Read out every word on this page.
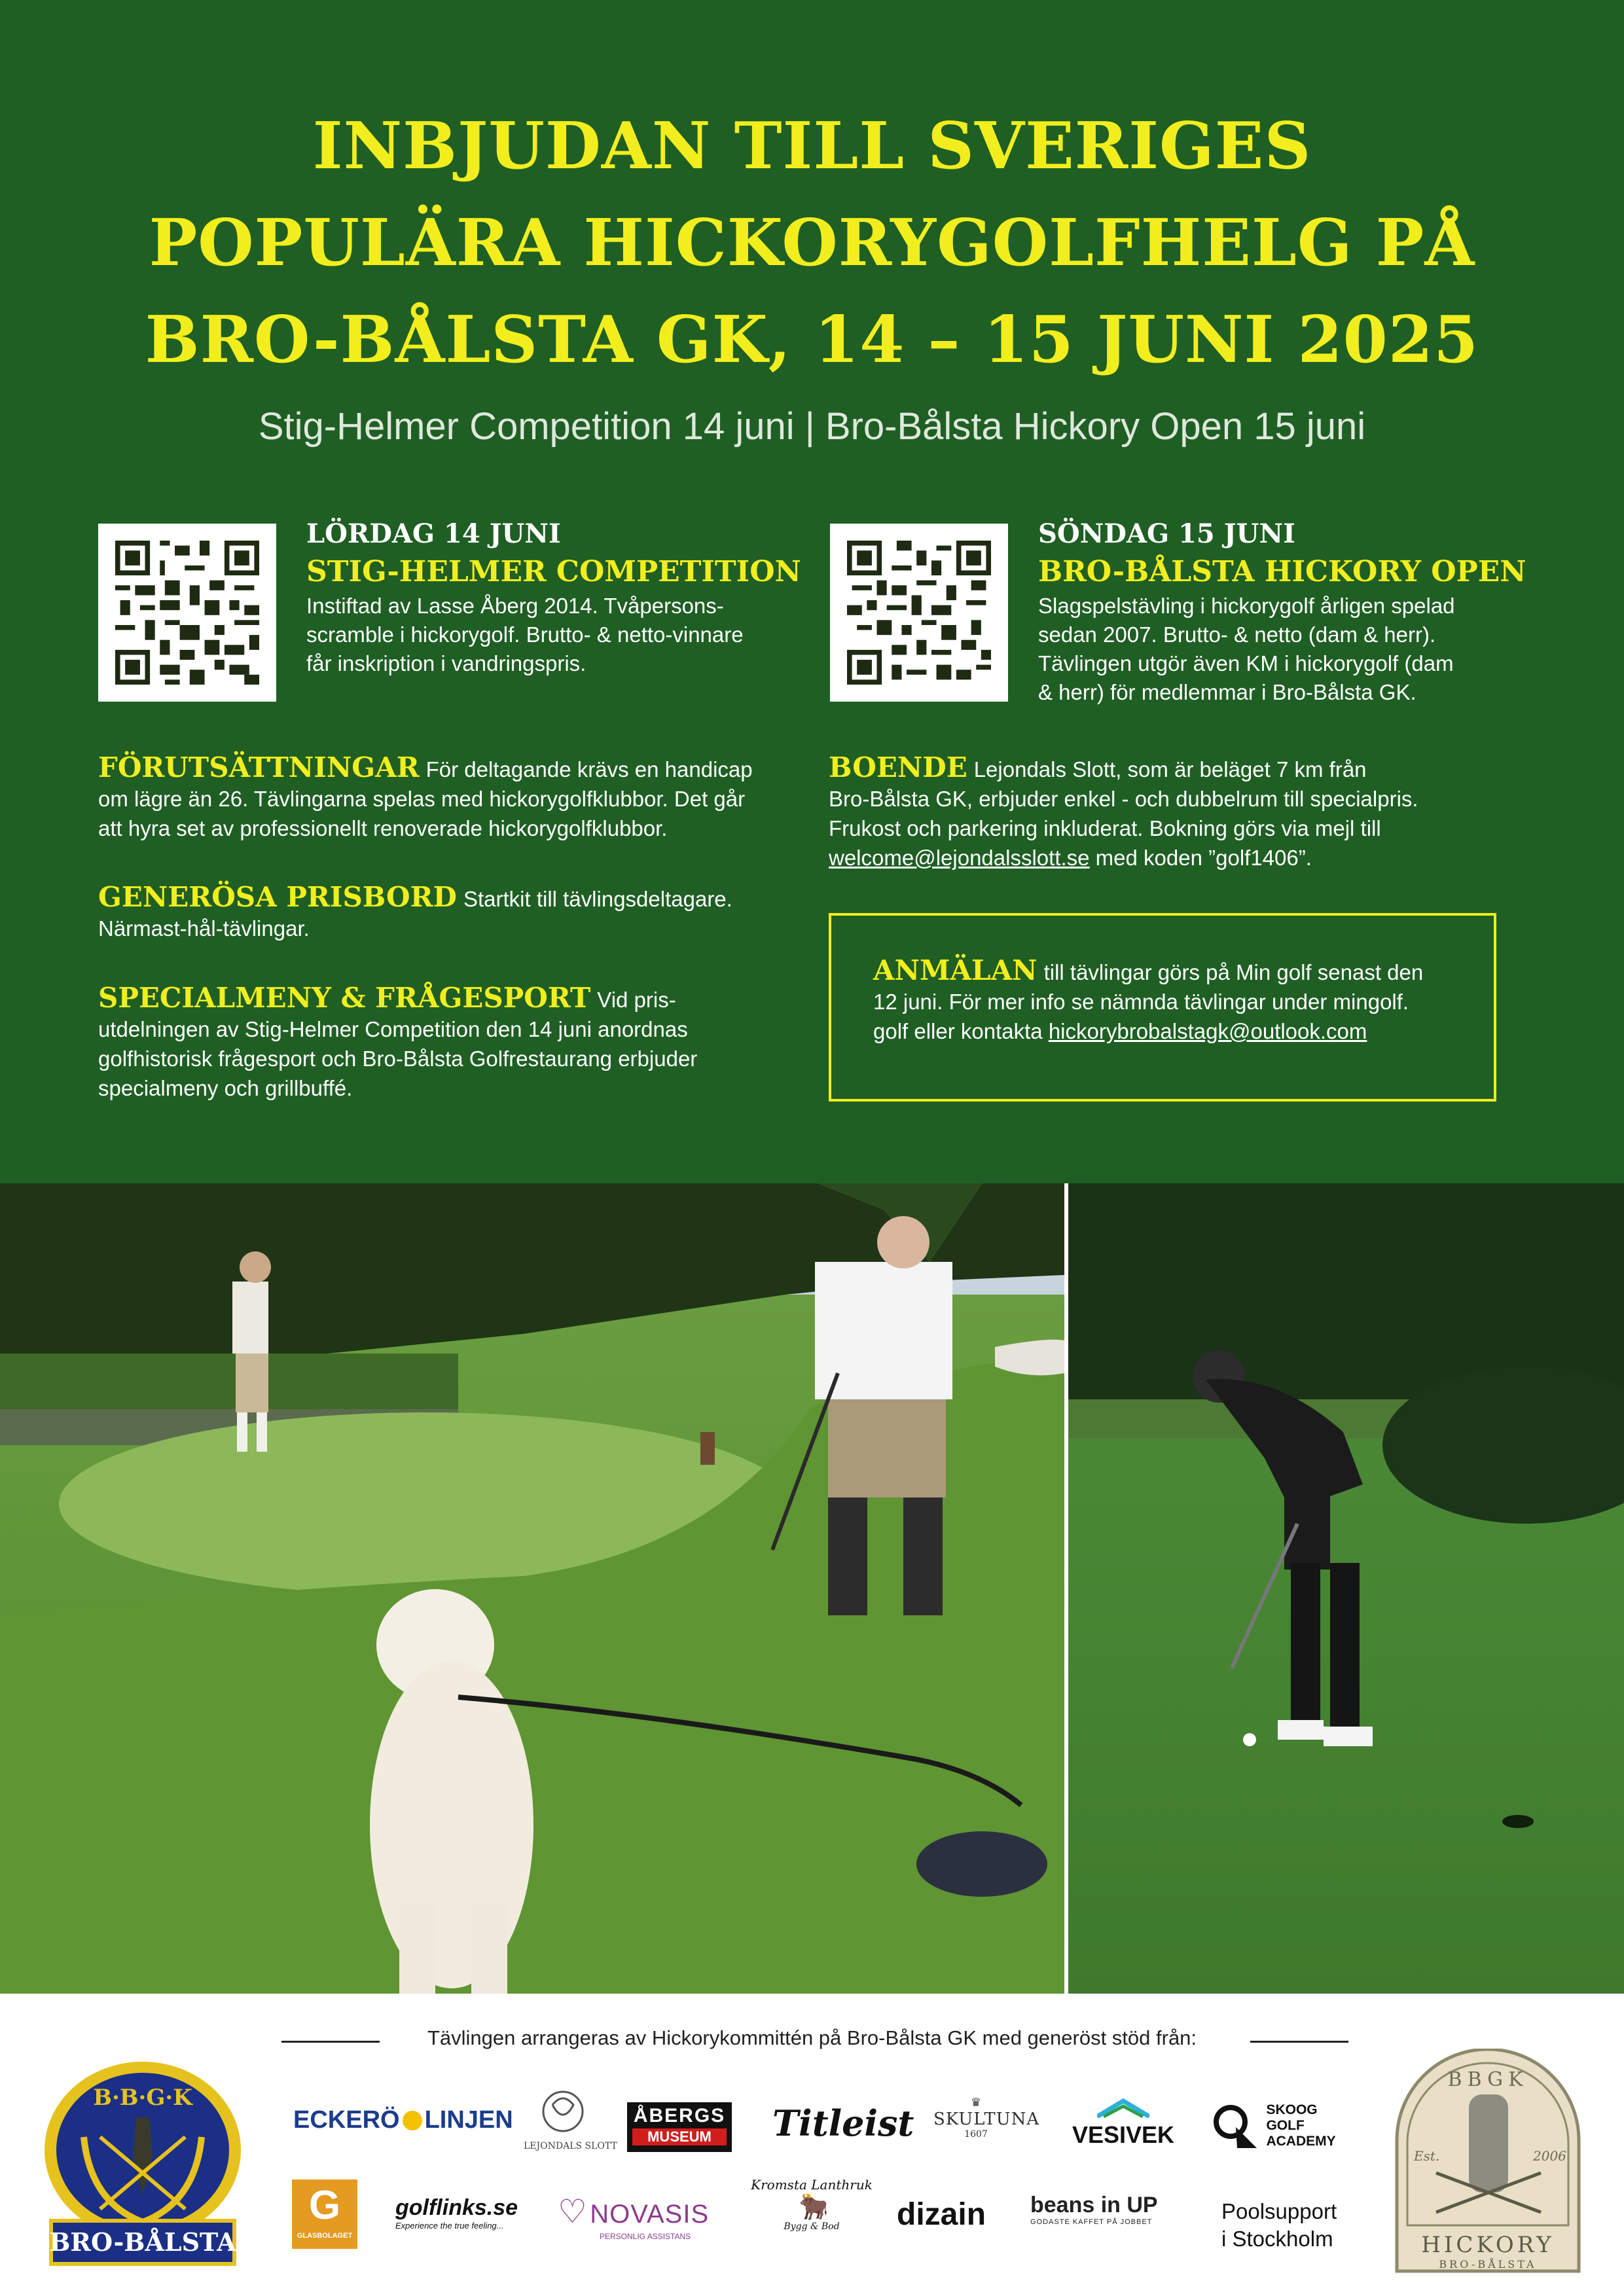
INBJUDAN TILL SVERIGES
POPULÄRA HICKORYGOLFHELG PÅ
BRO-BÅLSTA GK, 14 – 15 JUNI 2025
Stig-Helmer Competition 14 juni | Bro-Bålsta Hickory Open 15 juni
LÖRDAG 14 JUNI
STIG-HELMER COMPETITION
Instiftad av Lasse Åberg 2014. Tvåpersons-
scramble i hickorygolf. Brutto- & netto-vinnare
får inskription i vandringspris.
SÖNDAG 15 JUNI
BRO-BÅLSTA HICKORY OPEN
Slagspelstävling i hickorygolf årligen spelad
sedan 2007. Brutto- & netto (dam & herr).
Tävlingen utgör även KM i hickorygolf (dam
& herr) för medlemmar i Bro-Bålsta GK.
FÖRUTSÄTTNINGAR För deltagande krävs en handicap
om lägre än 26. Tävlingarna spelas med hickorygolfklubbor. Det går
att hyra set av professionellt renoverade hickorygolfklubbor.
GENERÖSA PRISBORD Startkit till tävlingsdeltagare.
Närmast-hål-tävlingar.
SPECIALMENY & FRÅGESPORT Vid pris-
utdelningen av Stig-Helmer Competition den 14 juni anordnas
golfhistorisk frågesport och Bro-Bålsta Golfrestaurang erbjuder
specialmeny och grillbuffé.
BOENDE Lejondals Slott, som är beläget 7 km från
Bro-Bålsta GK, erbjuder enkel - och dubbelrum till specialpris.
Frukost och parkering inkluderat. Bokning görs via mejl till
welcome@lejondalsslott.se med koden ”golf1406”.
ANMÄLAN till tävlingar görs på Min golf senast den
12 juni. För mer info se nämnda tävlingar under mingolf.
golf eller kontakta hickorybrobalstagk@outlook.com
Tävlingen arrangeras av Hickorykommittén på Bro-Bålsta GK med generöst stöd från:
B·B·G·K
BRO-BÅLSTA
BBGK
Est.	2006
HICKORY
BRO-BÅLSTA
ECKERÖ LINJEN
LEJONDALS SLOTT
ÅBERGS
MUSEUM	Titleist	♛
SKULTUNA
1607	VESIVEK

SKOOG
GOLF
ACADEMY
G
GLASBOLAGET
golflinks.se
Experience the true feeling...	♡ NOVASIS
PERSONLIG ASSISTANS
Kromsta Lanthruk
🐂
Bygg & Bod	dizain beans in UP
GODASTE KAFFET PÅ JOBBET	Poolsupport
i Stockholm
